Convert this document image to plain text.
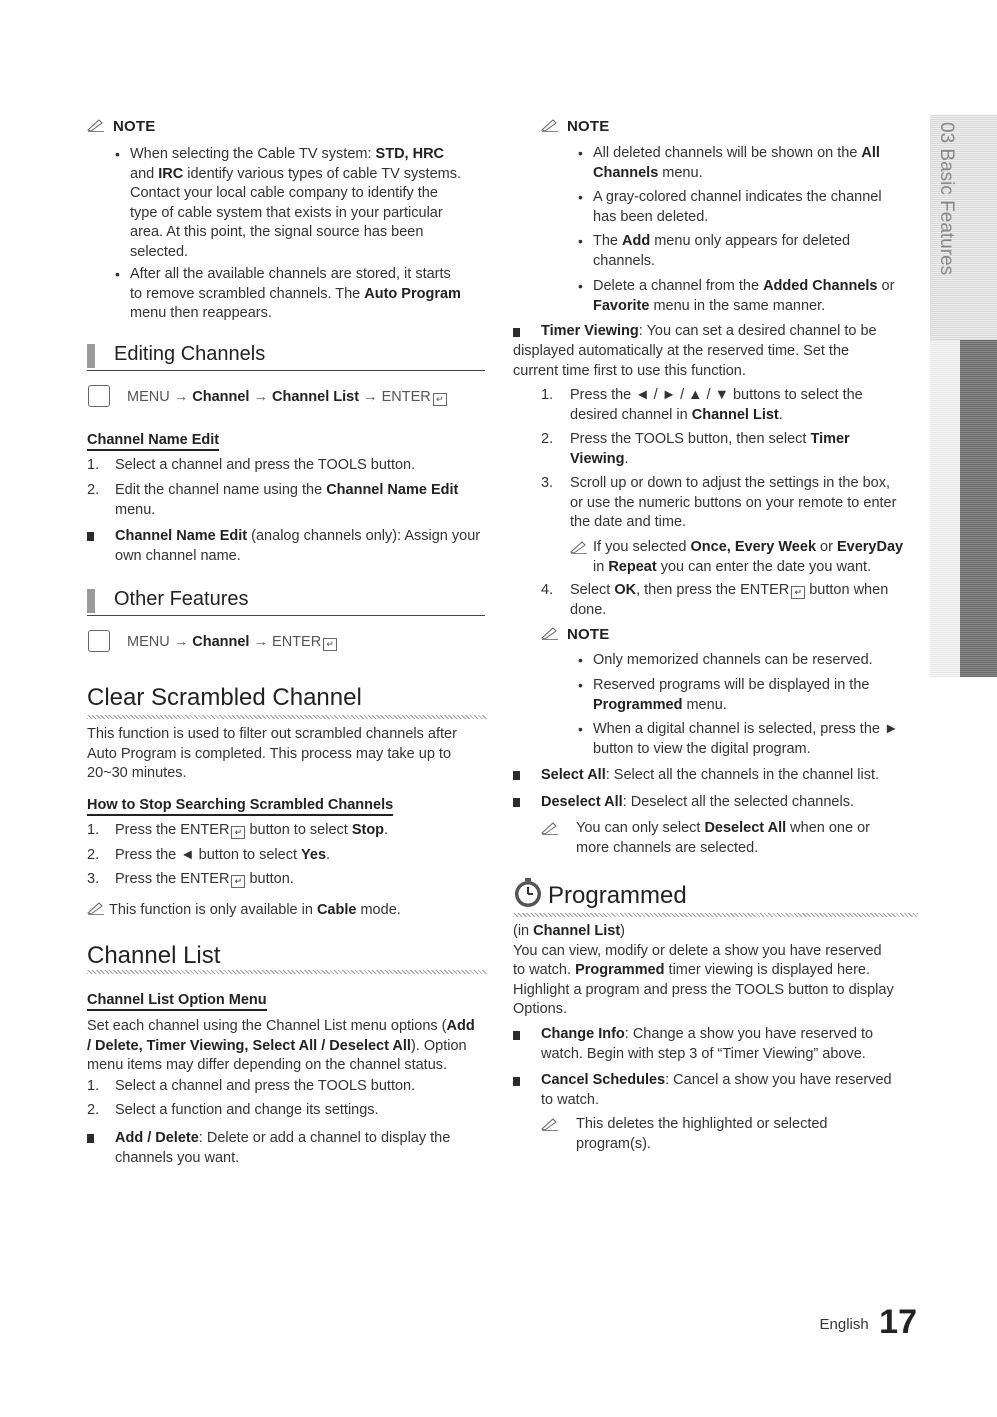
NOTE
• When selecting the Cable TV system: STD, HRC
and IRC identify various types of cable TV systems.
Contact your local cable company to identify the
type of cable system that exists in your particular
area. At this point, the signal source has been
selected.
• After all the available channels are stored, it starts
to remove scrambled channels. The Auto Program
menu then reappears.
Editing Channels
MENU → Channel → Channel List → ENTER ↵
Channel Name Edit
1.	Select a channel and press the TOOLS button.
2.	Edit the channel name using the Channel Name Edit
menu.
Channel Name Edit (analog channels only): Assign your
own channel name.
Other Features
MENU → Channel → ENTER ↵
Clear Scrambled Channel
This function is used to filter out scrambled channels after
Auto Program is completed. This process may take up to
20~30 minutes.
How to Stop Searching Scrambled Channels
1.	Press the ENTER ↵ button to select Stop.
2.	Press the ◄ button to select Yes.
3.	Press the ENTER ↵ button.
This function is only available in Cable mode.
Channel List
Channel List Option Menu
Set each channel using the Channel List menu options (Add
/ Delete, Timer Viewing, Select All / Deselect All). Option
menu items may differ depending on the channel status.
1.	Select a channel and press the TOOLS button.
2.	Select a function and change its settings.
Add / Delete: Delete or add a channel to display the
channels you want.
NOTE
• All deleted channels will be shown on the All
Channels menu.
• A gray-colored channel indicates the channel
has been deleted.
• The Add menu only appears for deleted
channels.
• Delete a channel from the Added Channels or
Favorite menu in the same manner.
Timer Viewing: You can set a desired channel to be
displayed automatically at the reserved time. Set the
current time first to use this function.
1.	Press the ◄ / ► / ▲ / ▼ buttons to select the
desired channel in Channel List.
2.	Press the TOOLS button, then select Timer
Viewing.
3.	Scroll up or down to adjust the settings in the box,
or use the numeric buttons on your remote to enter
the date and time.
If you selected Once, Every Week or EveryDay
in Repeat you can enter the date you want.
4.	Select OK, then press the ENTER ↵ button when
done.
NOTE
• Only memorized channels can be reserved.
• Reserved programs will be displayed in the
Programmed menu.
• When a digital channel is selected, press the ►
button to view the digital program.
Select All: Select all the channels in the channel list.
Deselect All: Deselect all the selected channels.
You can only select Deselect All when one or
more channels are selected.
Programmed
(in Channel List)
You can view, modify or delete a show you have reserved
to watch. Programmed timer viewing is displayed here.
Highlight a program and press the TOOLS button to display
Options.
Change Info: Change a show you have reserved to
watch. Begin with step 3 of “Timer Viewing” above.
Cancel Schedules: Cancel a show you have reserved
to watch.
This deletes the highlighted or selected
program(s).
03 Basic Features
English 17
